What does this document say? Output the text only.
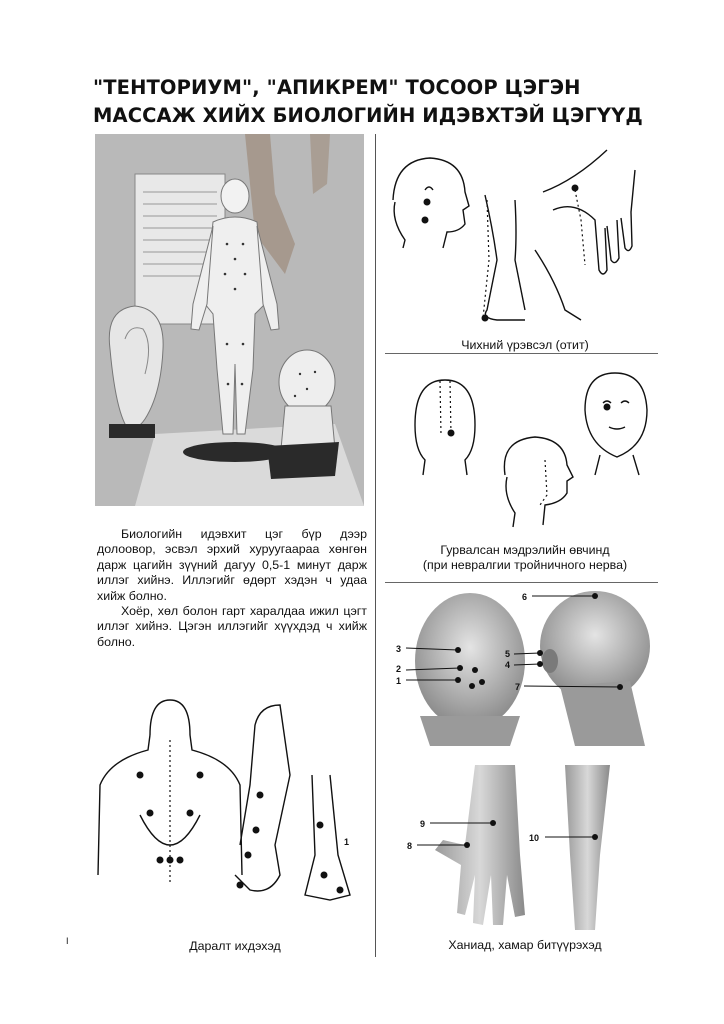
"ТЕНТОРИУМ", "АПИКРЕМ" ТОСООР ЦЭГЭН
МАССАЖ ХИЙХ БИОЛОГИЙН ИДЭВХТЭЙ ЦЭГҮҮД

Биологийн идэвхит цэг бүр дээр долоовор, эсвэл эрхий хуруугаараа хөнгөн дарж цагийн зүүний дагуу 0,5-1 минут дарж иллэг хийнэ. Иллэгийг өдөрт хэдэн ч удаа хийж болно.

Хоёр, хөл болон гарт харалдаа ижил цэгт иллэг хийнэ. Цэгэн иллэгийг хүүхдэд ч хийж болно.

Чихний үрэвсэл (отит)
Гурвалсан мэдрэлийн өвчинд
(при невралгии тройничного нерва)
3
2
1
5
4
7
6
9
8
10
Ханиад, хамар битүүрэхэд
1
Даралт ихдэхэд
I
